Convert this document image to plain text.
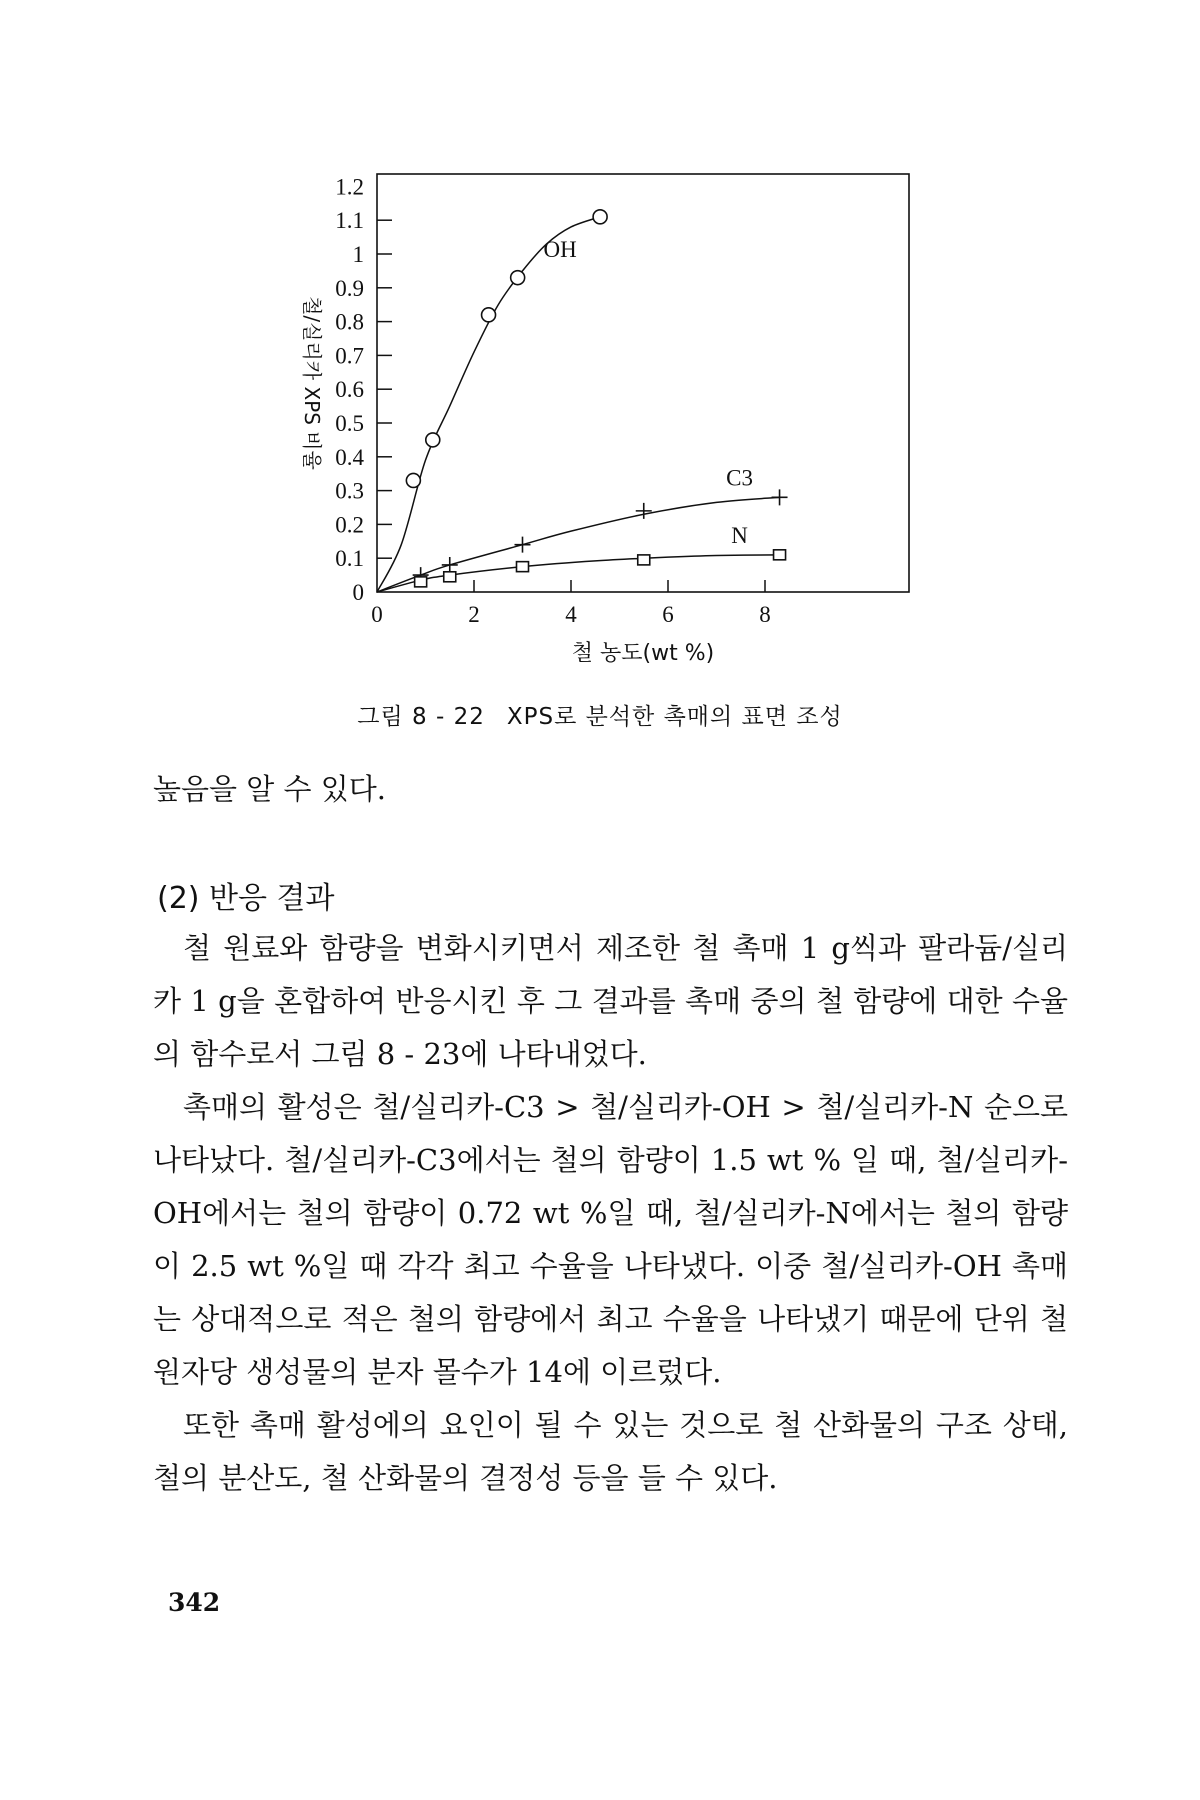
0
0.1
0.2
0.3
0.4
0.5
0.6
0.7
0.8
0.9
1
1.1
1.2
0	2	4	6	8
OH
C3
N
철/실리카 XPS 비율
철 농도(wt %)
그림 8 - 22 XPS로 분석한 촉매의 표면 조성

높음을 알 수 있다.

(2) 반응 결과

철 원료와 함량을 변화시키면서 제조한 철 촉매 1 g씩과 팔라듐/실리카 1 g을 혼합하여 반응시킨 후 그 결과를 촉매 중의 철 함량에 대한 수율의 함수로서 그림 8 - 23에 나타내었다.

촉매의 활성은 철/실리카-C3 > 철/실리카-OH > 철/실리카-N 순으로 나타났다. 철/실리카-C3에서는 철의 함량이 1.5 wt % 일 때, 철/실리카-OH에서는 철의 함량이 0.72 wt %일 때, 철/실리카-N에서는 철의 함량이 2.5 wt %일 때 각각 최고 수율을 나타냈다. 이중 철/실리카-OH 촉매는 상대적으로 적은 철의 함량에서 최고 수율을 나타냈기 때문에 단위 철 원자당 생성물의 분자 몰수가 14에 이르렀다.

또한 촉매 활성에의 요인이 될 수 있는 것으로 철 산화물의 구조 상태, 철의 분산도, 철 산화물의 결정성 등을 들 수 있다.

342
